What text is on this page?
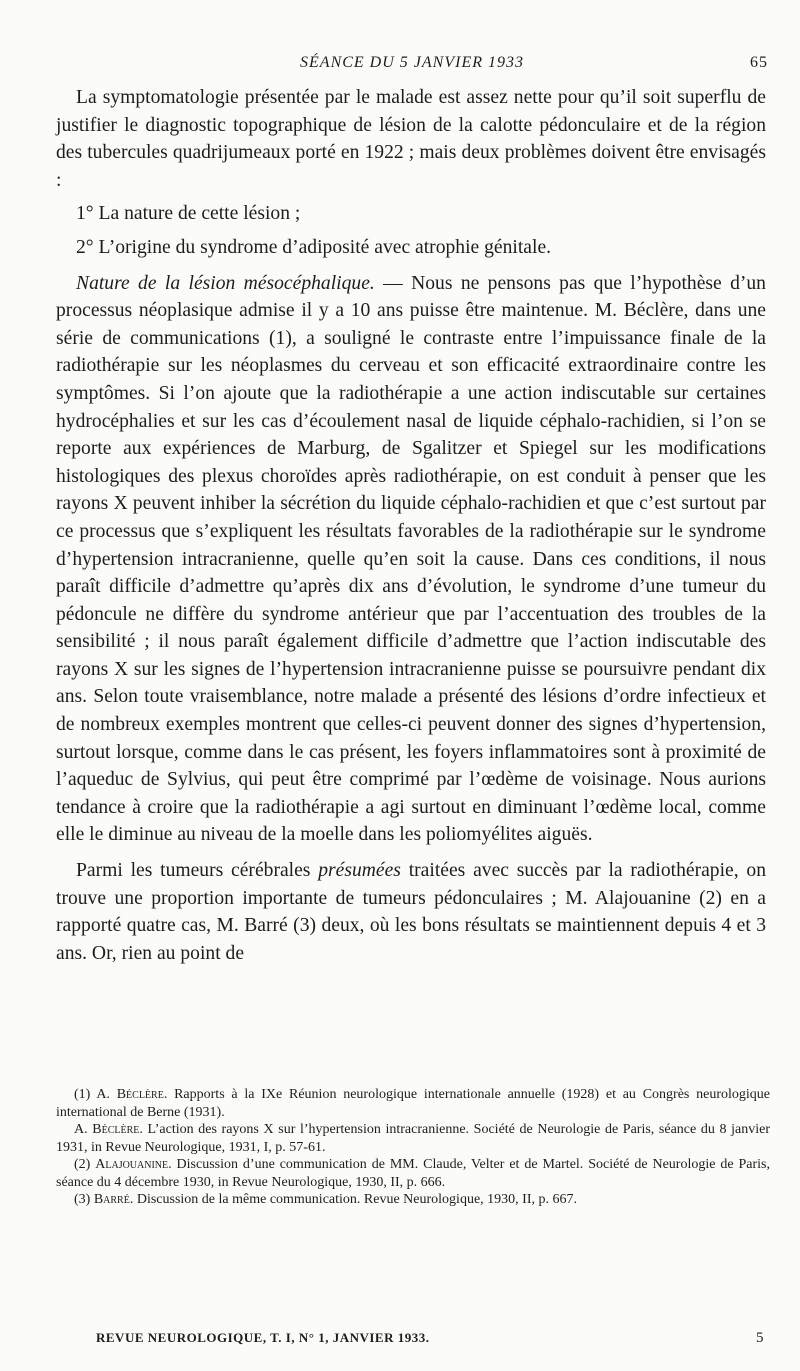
SÉANCE DU 5 JANVIER 1933	65

La symptomatologie présentée par le malade est assez nette pour qu’il soit superflu de justifier le diagnostic topographique de lésion de la calotte pédonculaire et de la région des tubercules quadrijumeaux porté en 1922 ; mais deux problèmes doivent être envisagés :

1° La nature de cette lésion ;

2° L’origine du syndrome d’adiposité avec atrophie génitale.

Nature de la lésion mésocéphalique. — Nous ne pensons pas que l’hypothèse d’un processus néoplasique admise il y a 10 ans puisse être maintenue. M. Béclère, dans une série de communications (1), a souligné le contraste entre l’impuissance finale de la radiothérapie sur les néoplasmes du cerveau et son efficacité extraordinaire contre les symptômes. Si l’on ajoute que la radiothérapie a une action indiscutable sur certaines hydrocéphalies et sur les cas d’écoulement nasal de liquide céphalo-rachidien, si l’on se reporte aux expériences de Marburg, de Sgalitzer et Spiegel sur les modifications histologiques des plexus choroïdes après radiothérapie, on est conduit à penser que les rayons X peuvent inhiber la sécrétion du liquide céphalo-rachidien et que c’est surtout par ce processus que s’expliquent les résultats favorables de la radiothérapie sur le syndrome d’hypertension intracranienne, quelle qu’en soit la cause. Dans ces conditions, il nous paraît difficile d’admettre qu’après dix ans d’évolution, le syndrome d’une tumeur du pédoncule ne diffère du syndrome antérieur que par l’accentuation des troubles de la sensibilité ; il nous paraît également difficile d’admettre que l’action indiscutable des rayons X sur les signes de l’hypertension intracranienne puisse se poursuivre pendant dix ans. Selon toute vraisemblance, notre malade a présenté des lésions d’ordre infectieux et de nombreux exemples montrent que celles-ci peuvent donner des signes d’hypertension, surtout lorsque, comme dans le cas présent, les foyers inflammatoires sont à proximité de l’aqueduc de Sylvius, qui peut être comprimé par l’œdème de voisinage. Nous aurions tendance à croire que la radiothérapie a agi surtout en diminuant l’œdème local, comme elle le diminue au niveau de la moelle dans les poliomyélites aiguës.

Parmi les tumeurs cérébrales présumées traitées avec succès par la radiothérapie, on trouve une proportion importante de tumeurs pédonculaires ; M. Alajouanine (2) en a rapporté quatre cas, M. Barré (3) deux, où les bons résultats se maintiennent depuis 4 et 3 ans. Or, rien au point de

(1) A. Béclère. Rapports à la IXe Réunion neurologique internationale annuelle (1928) et au Congrès neurologique international de Berne (1931).

A. Béclère. L’action des rayons X sur l’hypertension intracranienne. Société de Neurologie de Paris, séance du 8 janvier 1931, in Revue Neurologique, 1931, I, p. 57-61.

(2) Alajouanine. Discussion d’une communication de MM. Claude, Velter et de Martel. Société de Neurologie de Paris, séance du 4 décembre 1930, in Revue Neurologique, 1930, II, p. 666.

(3) Barré. Discussion de la même communication. Revue Neurologique, 1930, II, p. 667.

REVUE NEUROLOGIQUE, T. I, N° 1, JANVIER 1933.	5
